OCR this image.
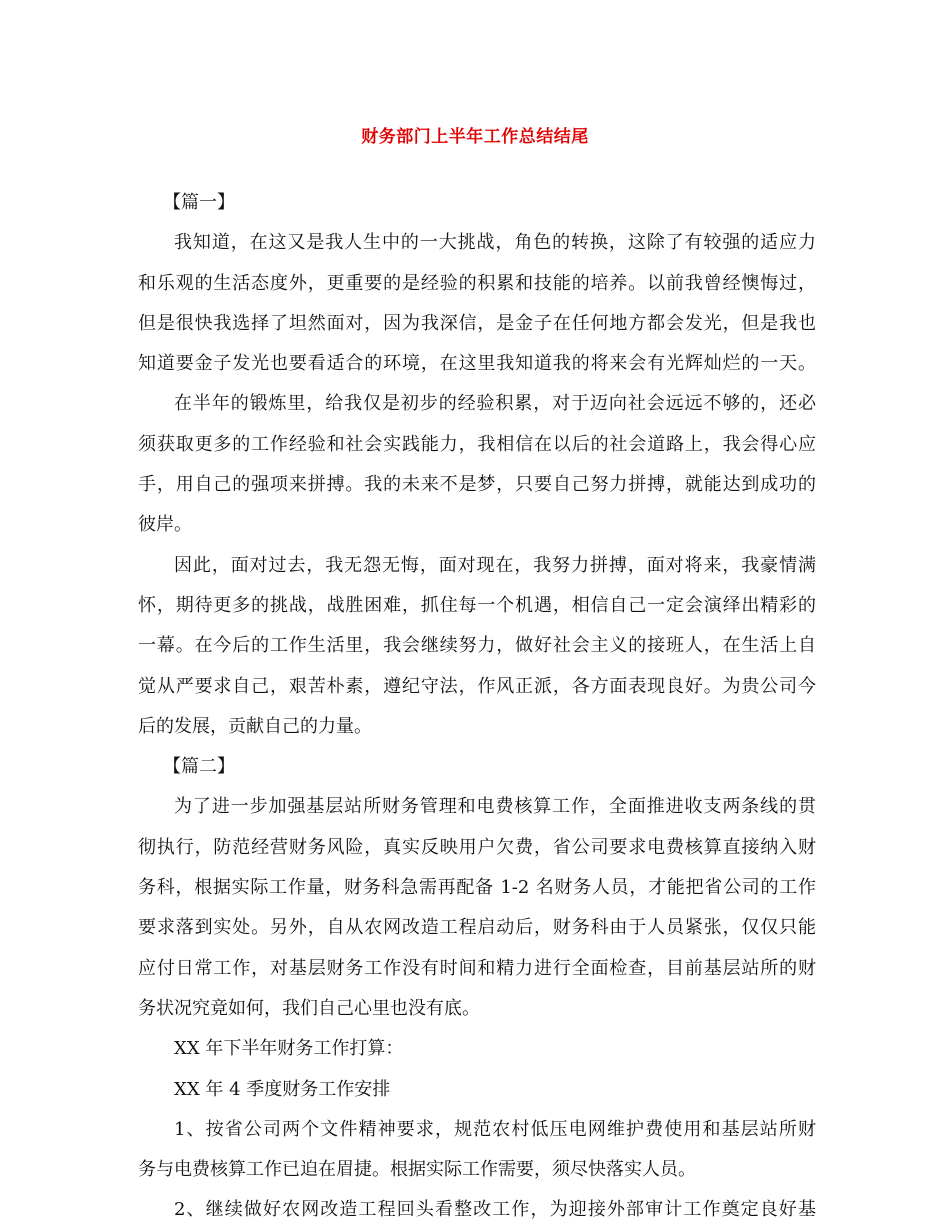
财务部门上半年工作总结结尾

【篇一】

我知道，在这又是我人生中的一大挑战，角色的转换，这除了有较强的适应力

和乐观的生活态度外，更重要的是经验的积累和技能的培养。以前我曾经懊悔过，

但是很快我选择了坦然面对，因为我深信，是金子在任何地方都会发光，但是我也

知道要金子发光也要看适合的环境，在这里我知道我的将来会有光辉灿烂的一天。

在半年的锻炼里，给我仅是初步的经验积累，对于迈向社会远远不够的，还必

须获取更多的工作经验和社会实践能力，我相信在以后的社会道路上，我会得心应

手，用自己的强项来拼搏。我的未来不是梦，只要自己努力拼搏，就能达到成功的

彼岸。

因此，面对过去，我无怨无悔，面对现在，我努力拼搏，面对将来，我豪情满

怀，期待更多的挑战，战胜困难，抓住每一个机遇，相信自己一定会演绎出精彩的

一幕。在今后的工作生活里，我会继续努力，做好社会主义的接班人，在生活上自

觉从严要求自己，艰苦朴素，遵纪守法，作风正派，各方面表现良好。为贵公司今

后的发展，贡献自己的力量。

【篇二】

为了进一步加强基层站所财务管理和电费核算工作，全面推进收支两条线的贯

彻执行，防范经营财务风险，真实反映用户欠费，省公司要求电费核算直接纳入财

务科，根据实际工作量，财务科急需再配备 1-2 名财务人员，才能把省公司的工作

要求落到实处。另外，自从农网改造工程启动后，财务科由于人员紧张，仅仅只能

应付日常工作，对基层财务工作没有时间和精力进行全面检查，目前基层站所的财

务状况究竟如何，我们自己心里也没有底。

XX 年下半年财务工作打算：

XX 年 4 季度财务工作安排

1、按省公司两个文件精神要求，规范农村低压电网维护费使用和基层站所财

务与电费核算工作已迫在眉捷。根据实际工作需要，须尽快落实人员。

2、继续做好农网改造工程回头看整改工作，为迎接外部审计工作奠定良好基
